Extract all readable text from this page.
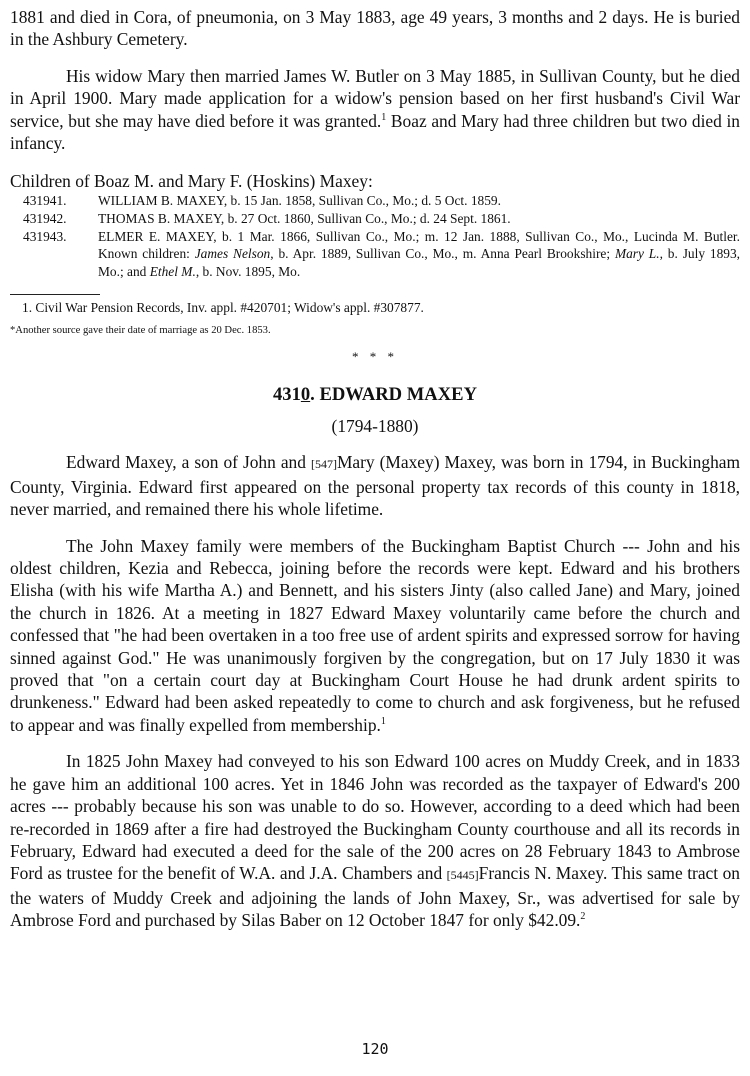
1881 and died in Cora, of pneumonia, on 3 May 1883, age 49 years, 3 months and 2 days. He is buried in the Ashbury Cemetery.

His widow Mary then married James W. Butler on 3 May 1885, in Sullivan County, but he died in April 1900. Mary made application for a widow's pension based on her first husband's Civil War service, but she may have died before it was granted.$^1$ Boaz and Mary had three children but two died in infancy.

Children of Boaz M. and Mary F. (Hoskins) Maxey:
431941. WILLIAM B. MAXEY, b. 15 Jan. 1858, Sullivan Co., Mo.; d. 5 Oct. 1859.
431942. THOMAS B. MAXEY, b. 27 Oct. 1860, Sullivan Co., Mo.; d. 24 Sept. 1861.
431943. ELMER E. MAXEY, b. 1 Mar. 1866, Sullivan Co., Mo.; m. 12 Jan. 1888, Sullivan Co., Mo., Lucinda M. Butler. Known children: James Nelson, b. Apr. 1889, Sullivan Co., Mo., m. Anna Pearl Brookshire; Mary L., b. July 1893, Mo.; and Ethel M., b. Nov. 1895, Mo.
1. Civil War Pension Records, Inv. appl. #420701; Widow's appl. #307877.
*Another source gave their date of marriage as 20 Dec. 1853.
* * *
4310. EDWARD MAXEY
(1794-1880)

Edward Maxey, a son of John and [547]Mary (Maxey) Maxey, was born in 1794, in Buckingham County, Virginia. Edward first appeared on the personal property tax records of this county in 1818, never married, and remained there his whole lifetime.

The John Maxey family were members of the Buckingham Baptist Church --- John and his oldest children, Kezia and Rebecca, joining before the records were kept. Edward and his brothers Elisha (with his wife Martha A.) and Bennett, and his sisters Jinty (also called Jane) and Mary, joined the church in 1826. At a meeting in 1827 Edward Maxey voluntarily came before the church and confessed that "he had been overtaken in a too free use of ardent spirits and expressed sorrow for having sinned against God." He was unanimously forgiven by the congregation, but on 17 July 1830 it was proved that "on a certain court day at Buckingham Court House he had drunk ardent spirits to drunkeness." Edward had been asked repeatedly to come to church and ask forgiveness, but he refused to appear and was finally expelled from membership.$^1$

In 1825 John Maxey had conveyed to his son Edward 100 acres on Muddy Creek, and in 1833 he gave him an additional 100 acres. Yet in 1846 John was recorded as the taxpayer of Edward's 200 acres --- probably because his son was unable to do so. However, according to a deed which had been re-recorded in 1869 after a fire had destroyed the Buckingham County courthouse and all its records in February, Edward had executed a deed for the sale of the 200 acres on 28 February 1843 to Ambrose Ford as trustee for the benefit of W.A. and J.A. Chambers and [5445]Francis N. Maxey. This same tract on the waters of Muddy Creek and adjoining the lands of John Maxey, Sr., was advertised for sale by Ambrose Ford and purchased by Silas Baber on 12 October 1847 for only $42.09.$^2$

120
